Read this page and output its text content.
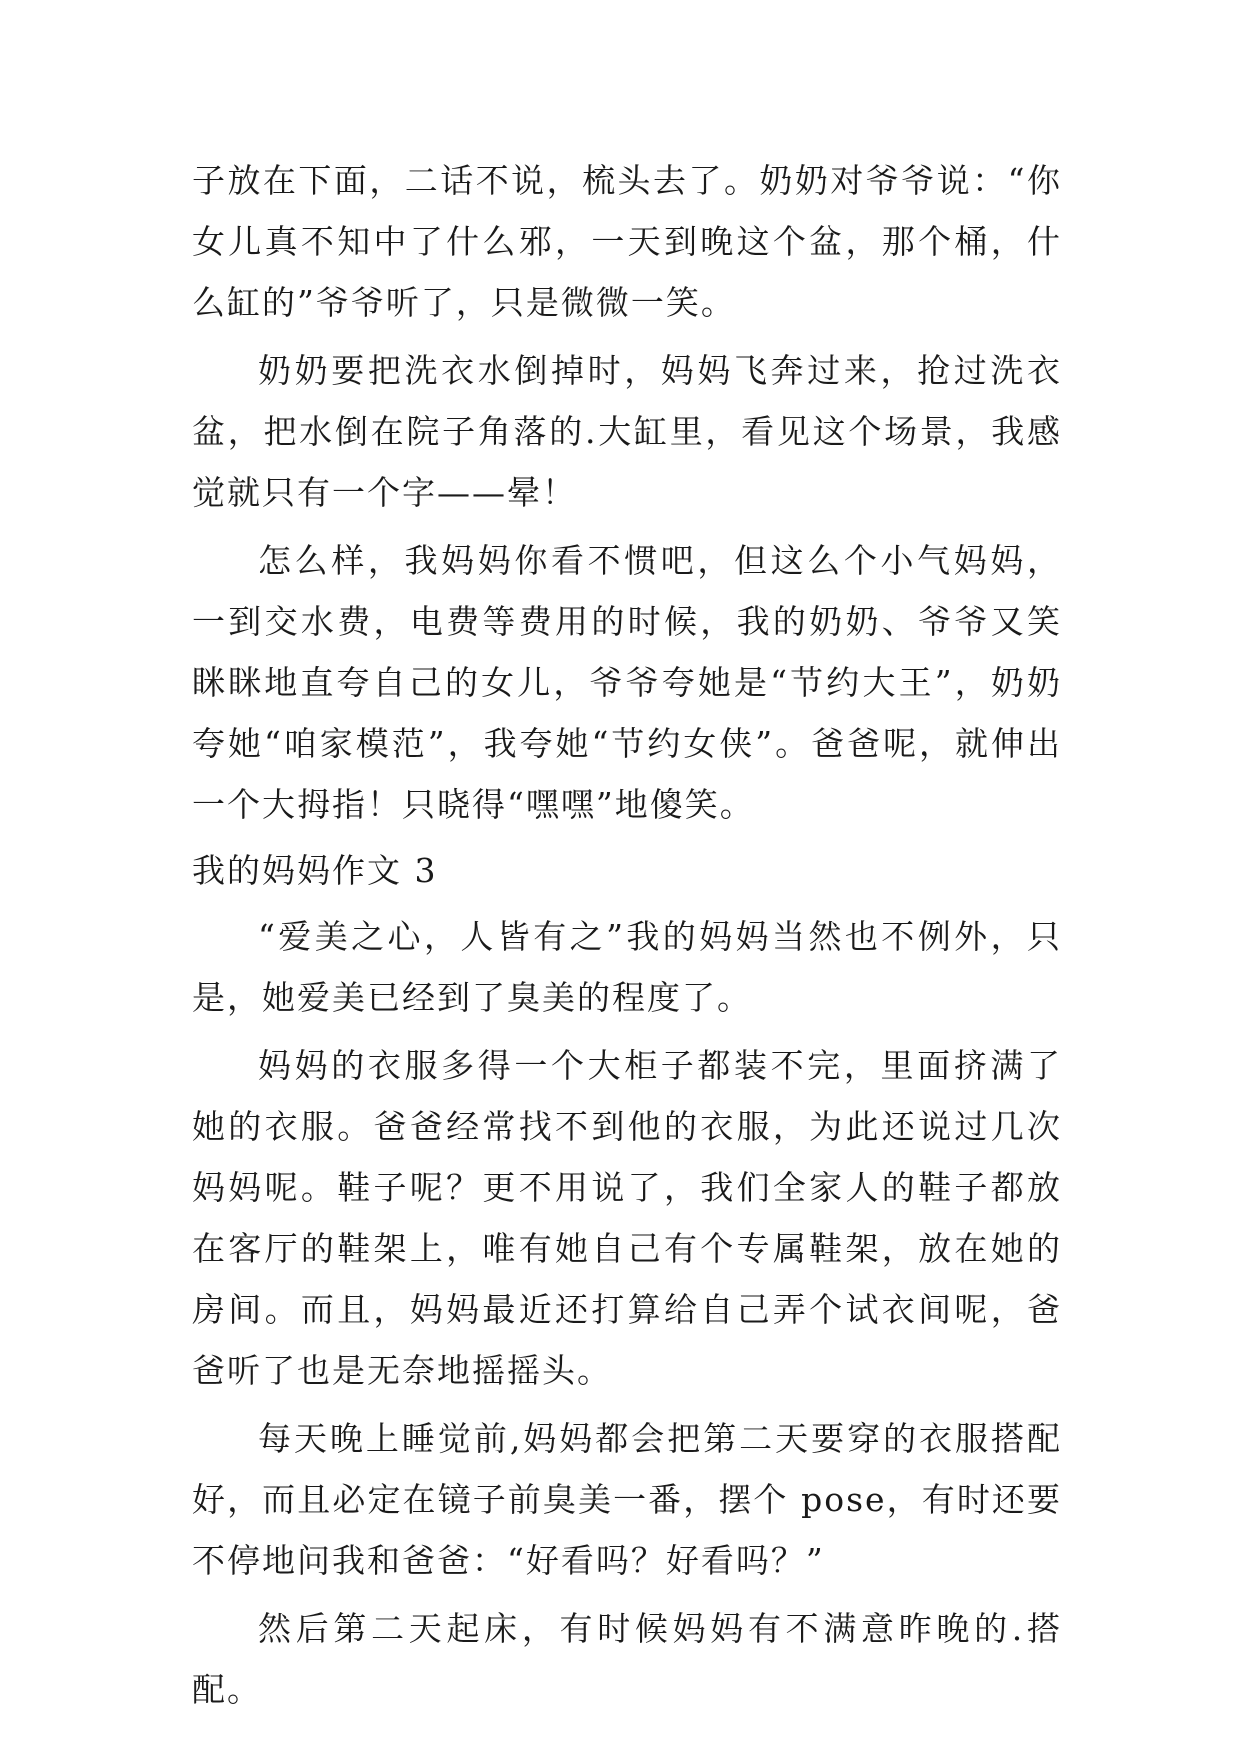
子放在下面，二话不说，梳头去了。奶奶对爷爷说：“你女儿真不知中了什么邪，一天到晚这个盆，那个桶，什么缸的”爷爷听了，只是微微一笑。

奶奶要把洗衣水倒掉时，妈妈飞奔过来，抢过洗衣盆，把水倒在院子角落的.大缸里，看见这个场景，我感觉就只有一个字——晕！

怎么样，我妈妈你看不惯吧，但这么个小气妈妈，一到交水费，电费等费用的时候，我的奶奶、爷爷又笑眯眯地直夸自己的女儿，爷爷夸她是“节约大王”，奶奶夸她“咱家模范”，我夸她“节约女侠”。爸爸呢，就伸出一个大拇指！只晓得“嘿嘿”地傻笑。

我的妈妈作文 3

“爱美之心，人皆有之”我的妈妈当然也不例外，只是，她爱美已经到了臭美的程度了。

妈妈的衣服多得一个大柜子都装不完，里面挤满了她的衣服。爸爸经常找不到他的衣服，为此还说过几次妈妈呢。鞋子呢？更不用说了，我们全家人的鞋子都放在客厅的鞋架上，唯有她自己有个专属鞋架，放在她的房间。而且，妈妈最近还打算给自己弄个试衣间呢，爸爸听了也是无奈地摇摇头。

每天晚上睡觉前,妈妈都会把第二天要穿的衣服搭配好，而且必定在镜子前臭美一番，摆个 pose，有时还要不停地问我和爸爸：“好看吗？好看吗？”

然后第二天起床，有时候妈妈有不满意昨晚的.搭配。
